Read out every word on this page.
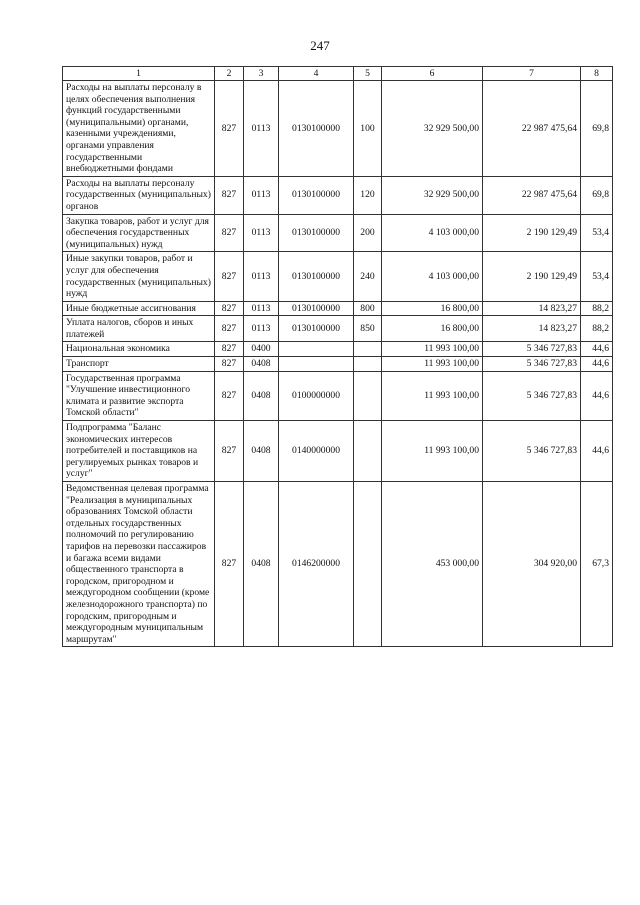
247
1	2	3	4	5	6	7	8
Расходы на выплаты персоналу в целях обеспечения выполнения функций государственными (муниципальными) органами, казенными учреждениями, органами управления государственными внебюджетными фондами	827	0113	0130100000	100	32 929 500,00	22 987 475,64	69,8
Расходы на выплаты персоналу государственных (муниципальных) органов	827	0113	0130100000	120	32 929 500,00	22 987 475,64	69,8
Закупка товаров, работ и услуг для обеспечения государственных (муниципальных) нужд	827	0113	0130100000	200	4 103 000,00	2 190 129,49	53,4
Иные закупки товаров, работ и услуг для обеспечения государственных (муниципальных) нужд	827	0113	0130100000	240	4 103 000,00	2 190 129,49	53,4
Иные бюджетные ассигнования	827	0113	0130100000	800	16 800,00	14 823,27	88,2
Уплата налогов, сборов и иных платежей	827	0113	0130100000	850	16 800,00	14 823,27	88,2
Национальная экономика	827	0400			11 993 100,00	5 346 727,83	44,6
Транспорт	827	0408			11 993 100,00	5 346 727,83	44,6
Государственная программа "Улучшение инвестиционного климата и развитие экспорта Томской области"	827	0408	0100000000		11 993 100,00	5 346 727,83	44,6
Подпрограмма "Баланс экономических интересов потребителей и поставщиков на регулируемых рынках товаров и услуг"	827	0408	0140000000		11 993 100,00	5 346 727,83	44,6
Ведомственная целевая программа "Реализация в муниципальных образованиях Томской области отдельных государственных полномочий по регулированию тарифов на перевозки пассажиров и багажа всеми видами общественного транспорта в городском, пригородном и междугородном сообщении (кроме железнодорожного транспорта) по городским, пригородным и междугородным муниципальным маршрутам"	827	0408	0146200000		453 000,00	304 920,00	67,3
